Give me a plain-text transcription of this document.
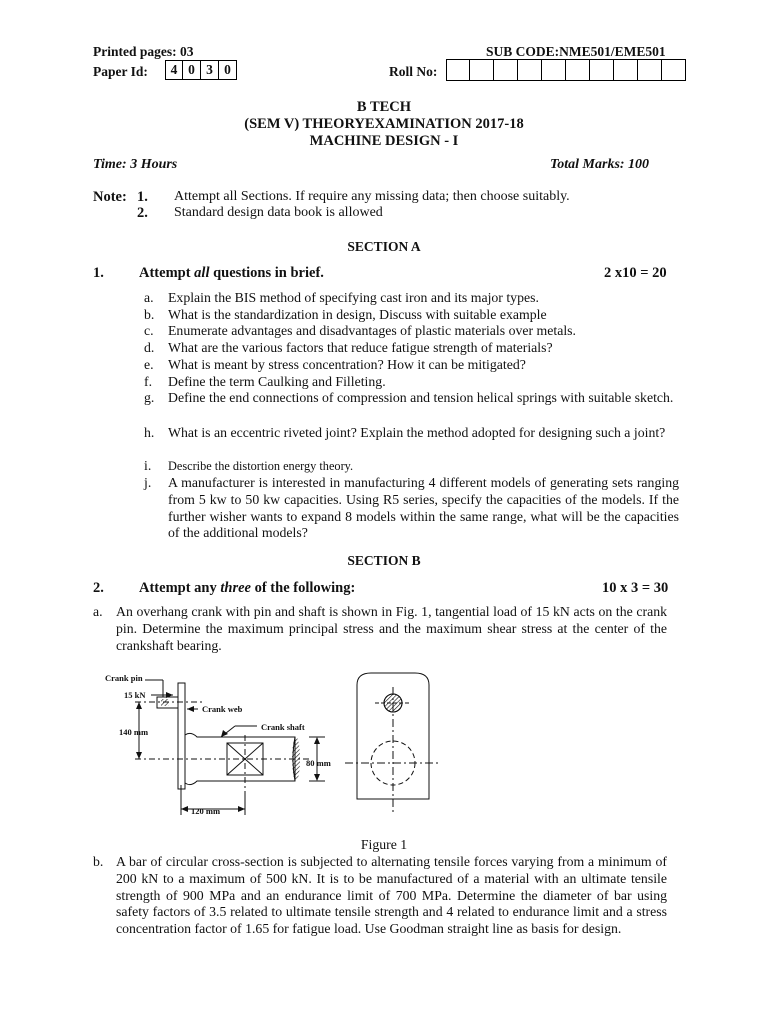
Printed pages: 03	SUB CODE:NME501/EME501
Paper Id:	4 0 3 0	Roll No:
B TECH
(SEM V) THEORYEXAMINATION 2017-18
MACHINE DESIGN - I
Time: 3 Hours	Total Marks: 100
Note: 1. Attempt all Sections. If require any missing data; then choose suitably.
2. Standard design data book is allowed
SECTION A
1. Attempt all questions in brief.	2 x10 = 20
a. Explain the BIS method of specifying cast iron and its major types.
b. What is the standardization in design, Discuss with suitable example
c. Enumerate advantages and disadvantages of plastic materials over metals.
d. What are the various factors that reduce fatigue strength of materials?
e. What is meant by stress concentration? How it can be mitigated?
f. Define the term Caulking and Filleting.
g. Define the end connections of compression and tension helical springs with suitable sketch.
h. What is an eccentric riveted joint? Explain the method adopted for designing such a joint?
i. Describe the distortion energy theory.
j. A manufacturer is interested in manufacturing 4 different models of generating sets ranging from 5 kw to 50 kw capacities. Using R5 series, specify the capacities of the models. If the further wisher wants to expand 8 models within the same range, what will be the capacities of the additional models?
SECTION B
2. Attempt any three of the following:	10 x 3 = 30
a. An overhang crank with pin and shaft is shown in Fig. 1, tangential load of 15 kN acts on the crank pin. Determine the maximum principal stress and the maximum shear stress at the center of the crankshaft bearing.
Crank pin
15 kN
Crank web
Crank shaft
140 mm
80 mm
120 mm
Figure 1
b. A bar of circular cross-section is subjected to alternating tensile forces varying from a minimum of 200 kN to a maximum of 500 kN. It is to be manufactured of a material with an ultimate tensile strength of 900 MPa and an endurance limit of 700 MPa. Determine the diameter of bar using safety factors of 3.5 related to ultimate tensile strength and 4 related to endurance limit and a stress concentration factor of 1.65 for fatigue load. Use Goodman straight line as basis for design.
